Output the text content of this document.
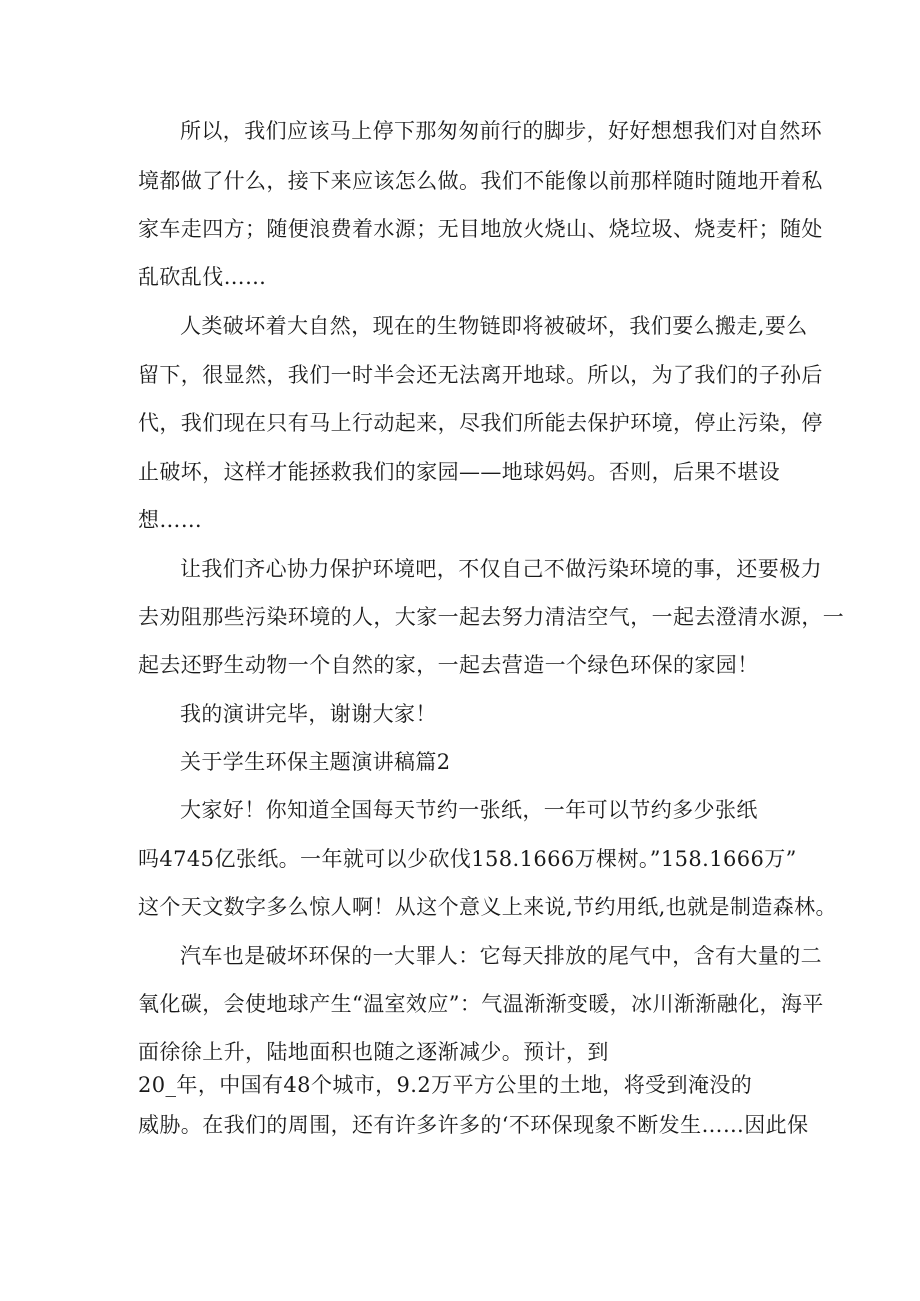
所以，我们应该马上停下那匆匆前行的脚步，好好想想我们对自然环

境都做了什么，接下来应该怎么做。我们不能像以前那样随时随地开着私

家车走四方；随便浪费着水源；无目地放火烧山、烧垃圾、烧麦杆；随处

乱砍乱伐……

人类破坏着大自然，现在的生物链即将被破坏，我们要么搬走,要么

留下，很显然，我们一时半会还无法离开地球。所以，为了我们的子孙后

代，我们现在只有马上行动起来，尽我们所能去保护环境，停止污染，停

止破坏，这样才能拯救我们的家园——地球妈妈。否则，后果不堪设

想……

让我们齐心协力保护环境吧，不仅自己不做污染环境的事，还要极力

去劝阻那些污染环境的人，大家一起去努力清洁空气，一起去澄清水源，一

起去还野生动物一个自然的家，一起去营造一个绿色环保的家园！

我的演讲完毕，谢谢大家！

关于学生环保主题演讲稿篇2

大家好！你知道全国每天节约一张纸，一年可以节约多少张纸

吗4745亿张纸。一年就可以少砍伐158.1666万棵树。”158.1666万”

这个天文数字多么惊人啊！从这个意义上来说,节约用纸,也就是制造森林。

汽车也是破坏环保的一大罪人：它每天排放的尾气中，含有大量的二

氧化碳，会使地球产生“温室效应”：气温渐渐变暖，冰川渐渐融化，海平

面徐徐上升，陆地面积也随之逐渐减少。预计，到

20_年，中国有48个城市，9.2万平方公里的土地，将受到淹没的

威胁。在我们的周围，还有许多许多的‘不环保现象不断发生……因此保
